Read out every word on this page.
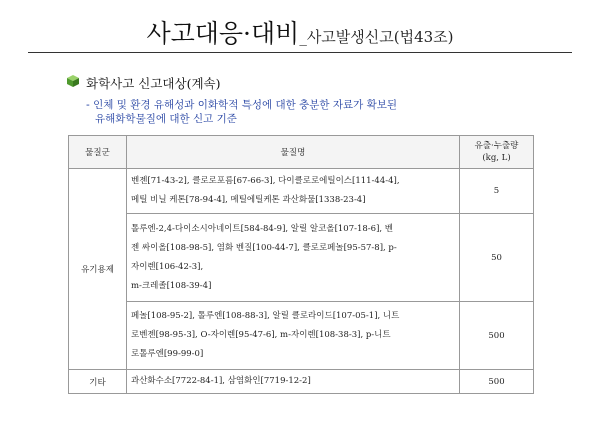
사고대응·대비_사고발생신고(법43조)
화학사고 신고대상(계속)
- 인체 및 환경 유해성과 이화학적 특성에 대한 충분한 자료가 확보된
유해화학물질에 대한 신고 기준
물질군	물질명	유출·누출량
(kg, L)
유기용제	벤젠[71-43-2], 클로로포름[67-66-3], 다이클로로에틸이스[111-44-4],
메틸 비닐 케톤[78-94-4], 메틸에틸케톤 과산화물[1338-23-4]	5
	톨루엔-2,4-다이소시아네이트[584-84-9], 알릴 알코올[107-18-6], 벤
젠 싸이올[108-98-5], 염화 벤질[100-44-7], 클로로페놀[95-57-8], p-
자이렌[106-42-3],
m-크레졸[108-39-4]	50
	페놀[108-95-2], 톨루엔[108-88-3], 알릴 클로라이드[107-05-1], 니트
로벤젠[98-95-3], O-자이렌[95-47-6], m-자이렌[108-38-3], p-니트
로톨루엔[99-99-0]	500
기타	과산화수소[7722-84-1], 삼염화인[7719-12-2]	500
